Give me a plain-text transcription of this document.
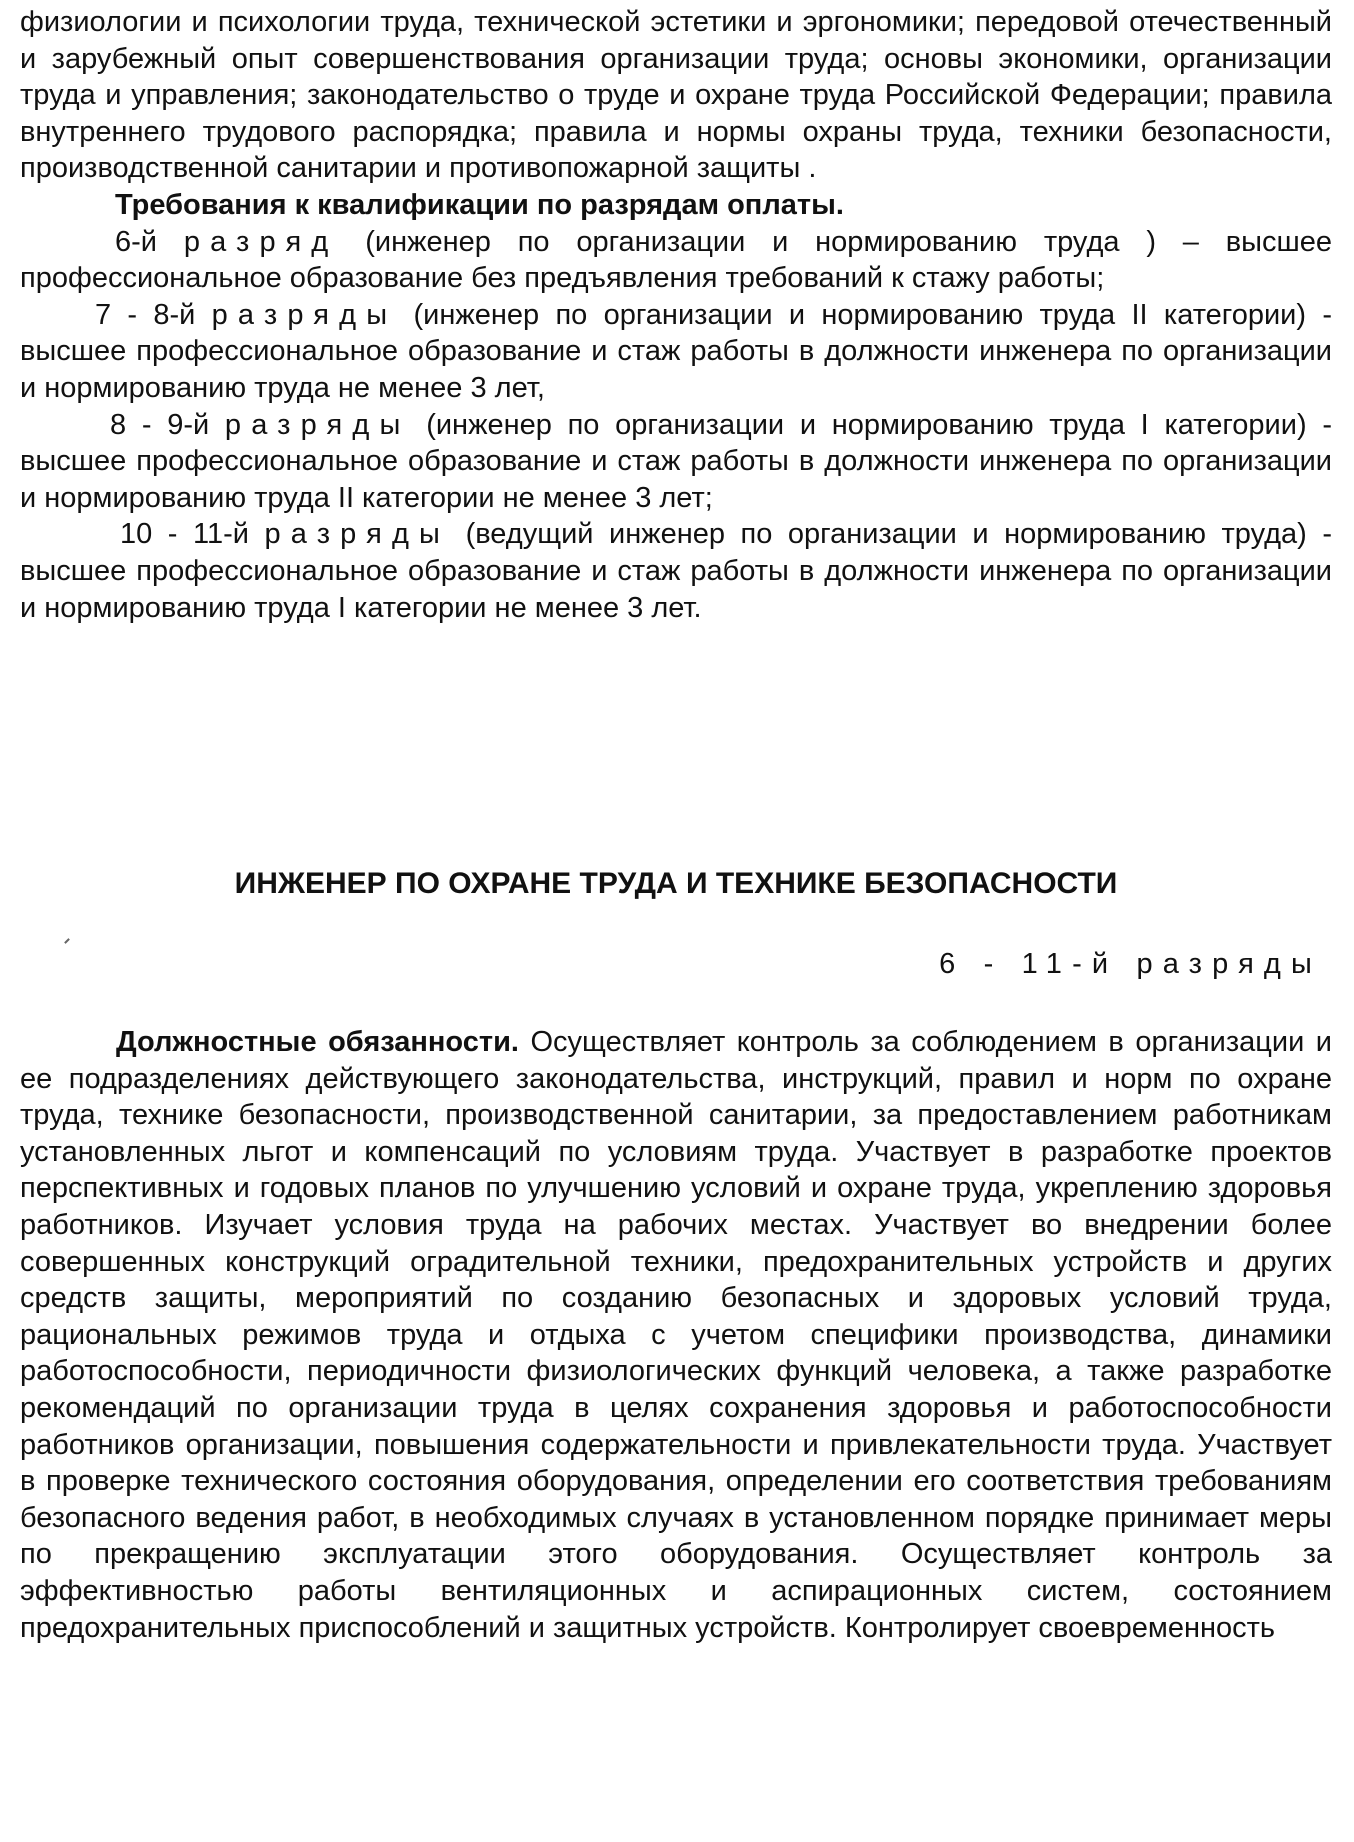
физиологии и психологии труда, технической эстетики и эргономики; передовой отечественный и зарубежный опыт совершенствования организации труда; основы экономики, организации труда и управления; законодательство о труде и охране труда Российской Федерации; правила внутреннего трудового распорядка; правила и нормы охраны труда, техники безопасности, производственной санитарии и противопожарной защиты .

Требования к квалификации по разрядам оплаты.

6-й разряд (инженер по организации и нормированию труда ) – высшее профессиональное образование без предъявления требований к стажу работы;

7 - 8-й разряды (инженер по организации и нормированию труда II категории) - высшее профессиональное образование и стаж работы в должности инженера по организации и нормированию труда не менее 3 лет,

8 - 9-й разряды (инженер по организации и нормированию труда I категории) - высшее профессиональное образование и стаж работы в должности инженера по организации и нормированию труда II категории не менее 3 лет;

10 - 11-й разряды (ведущий инженер по организации и нормированию труда) - высшее профессиональное образование и стаж работы в должности инженера по организации и нормированию труда I категории не менее 3 лет.

ИНЖЕНЕР ПО ОХРАНЕ ТРУДА И ТЕХНИКЕ БЕЗОПАСНОСТИ

6 - 11-й разряды

Должностные обязанности. Осуществляет контроль за соблюдением в организации и ее подразделениях действующего законодательства, инструкций, правил и норм по охране труда, технике безопасности, производственной санитарии, за предоставлением работникам установленных льгот и компенсаций по условиям труда. Участвует в разработке проектов перспективных и годовых планов по улучшению условий и охране труда, укреплению здоровья работников. Изучает условия труда на рабочих местах. Участвует во внедрении более совершенных конструкций оградительной техники, предохранительных устройств и других средств защиты, мероприятий по созданию безопасных и здоровых условий труда, рациональных режимов труда и отдыха с учетом специфики производства, динамики работоспособности, периодичности физиологических функций человека, а также разработке рекомендаций по организации труда в целях сохранения здоровья и работоспособности работников организации, повышения содержательности и привлекательности труда. Участвует в проверке технического состояния оборудования, определении его соответствия требованиям безопасного ведения работ, в необходимых случаях в установленном порядке принимает меры по прекращению эксплуатации этого оборудования. Осуществляет контроль за эффективностью работы вентиляционных и аспирационных систем, состоянием предохранительных приспособлений и защитных устройств. Контролирует своевременность
